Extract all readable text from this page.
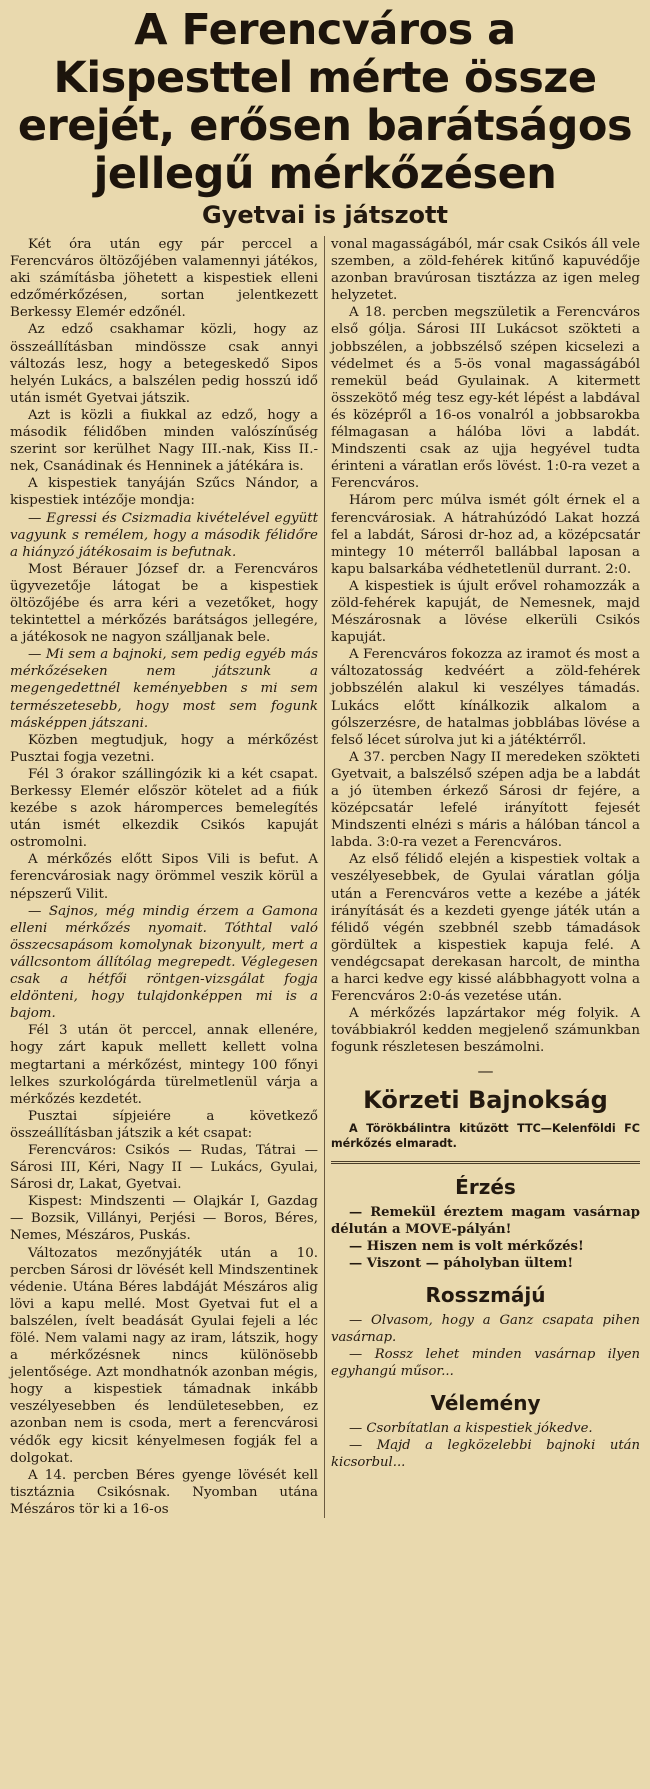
A Ferencváros a Kispesttel mérte össze erejét, erősen barátságos jellegű mérkőzésen
Gyetvai is játszott

Két óra után egy pár perccel a Ferencváros öltözőjében valamennyi játékos, aki számításba jöhetett a kispestiek elleni edzőmérkőzésen, sortan jelentkezett Berkessy Elemér edzőnél.

Az edző csakhamar közli, hogy az összeállításban mindössze csak annyi változás lesz, hogy a betegeskedő Sipos helyén Lukács, a balszélen pedig hosszú idő után ismét Gyetvai játszik.

Azt is közli a fiukkal az edző, hogy a második félidőben minden valószínűség szerint sor kerülhet Nagy III.-nak, Kiss II.-nek, Csanádinak és Henninek a játékára is.

A kispestiek tanyáján Szűcs Nándor, a kispestiek intézője mondja:

— Egressi és Csizmadia kivételével együtt vagyunk s remélem, hogy a második félidőre a hiányzó játékosaim is befutnak.

Most Bérauer József dr. a Ferencváros ügyvezetője látogat be a kispestiek öltözőjébe és arra kéri a vezetőket, hogy tekintettel a mérkőzés barátságos jellegére, a játékosok ne nagyon szálljanak bele.

— Mi sem a bajnoki, sem pedig egyéb más mérkőzéseken nem játszunk a megengedettnél keményebben s mi sem természetesebb, hogy most sem fogunk másképpen játszani.

Közben megtudjuk, hogy a mérkőzést Pusztai fogja vezetni.

Fél 3 órakor szállingózik ki a két csapat. Berkessy Elemér először kötelet ad a fiúk kezébe s azok háromperces bemelegítés után ismét elkezdik Csikós kapuját ostromolni.

A mérkőzés előtt Sipos Vili is befut. A ferencvárosiak nagy örömmel veszik körül a népszerű Vilit.

— Sajnos, még mindig érzem a Gamona elleni mérkőzés nyomait. Tóthtal való összecsapásom komolynak bizonyult, mert a vállcsontom állítólag megrepedt. Véglegesen csak a hétfői röntgen-vizsgálat fogja eldönteni, hogy tulajdonképpen mi is a bajom.

Fél 3 után öt perccel, annak ellenére, hogy zárt kapuk mellett kellett volna megtartani a mérkőzést, mintegy 100 főnyi lelkes szurkológárda türelmetlenül várja a mérkőzés kezdetét.

Pusztai sípjeiére a következő összeállításban játszik a két csapat:

Ferencváros: Csikós — Rudas, Tátrai — Sárosi III, Kéri, Nagy II — Lukács, Gyulai, Sárosi dr, Lakat, Gyetvai.

Kispest: Mindszenti — Olajkár I, Gazdag — Bozsik, Villányi, Perjési — Boros, Béres, Nemes, Mészáros, Puskás.

Változatos mezőnyjáték után a 10. percben Sárosi dr lövését kell Mindszentinek védenie. Utána Béres labdáját Mészáros alig lövi a kapu mellé. Most Gyetvai fut el a balszélen, ívelt beadását Gyulai fejeli a léc fölé. Nem valami nagy az iram, látszik, hogy a mérkőzésnek nincs különösebb jelentősége. Azt mondhatnók azonban mégis, hogy a kispestiek támadnak inkább veszélyesebben és lendületesebben, ez azonban nem is csoda, mert a ferencvárosi védők egy kicsit kényelmesen fogják fel a dolgokat.

A 14. percben Béres gyenge lövését kell tisztáznia Csikósnak. Nyomban utána Mészáros tör ki a 16-os

vonal magasságából, már csak Csikós áll vele szemben, a zöld-fehérek kitűnő kapuvédője azonban bravúrosan tisztázza az igen meleg helyzetet.

A 18. percben megszületik a Ferencváros első gólja. Sárosi III Lukácsot szökteti a jobbszélen, a jobbszélső szépen kicselezi a védelmet és a 5-ös vonal magasságából remekül beád Gyulainak. A kitermett összekötő még tesz egy-két lépést a labdával és középről a 16-os vonalról a jobbsarokba félmagasan a hálóba lövi a labdát. Mindszenti csak az ujja hegyével tudta érinteni a váratlan erős lövést. 1:0-ra vezet a Ferencváros.

Három perc múlva ismét gólt érnek el a ferencvárosiak. A hátrahúzódó Lakat hozzá fel a labdát, Sárosi dr-hoz ad, a középcsatár mintegy 10 méterről ballábbal laposan a kapu balsarkába védhetetlenül durrant. 2:0.

A kispestiek is újult erővel rohamozzák a zöld-fehérek kapuját, de Nemesnek, majd Mészárosnak a lövése elkerüli Csikós kapuját.

A Ferencváros fokozza az iramot és most a változatosság kedvéért a zöld-fehérek jobbszélén alakul ki veszélyes támadás. Lukács előtt kínálkozik alkalom a gólszerzésre, de hatalmas jobblábas lövése a felső lécet súrolva jut ki a játéktérről.

A 37. percben Nagy II meredeken szökteti Gyetvait, a balszélső szépen adja be a labdát a jó ütemben érkező Sárosi dr fejére, a középcsatár lefelé irányított fejesét Mindszenti elnézi s máris a hálóban táncol a labda. 3:0-ra vezet a Ferencváros.

Az első félidő elején a kispestiek voltak a veszélyesebbek, de Gyulai váratlan gólja után a Ferencváros vette a kezébe a játék irányítását és a kezdeti gyenge játék után a félidő végén szebbnél szebb támadások gördültek a kispestiek kapuja felé. A vendégcsapat derekasan harcolt, de mintha a harci kedve egy kissé alábbhagyott volna a Ferencváros 2:0-ás vezetése után.

A mérkőzés lapzártakor még folyik. A továbbiakról kedden megjelenő számunkban fogunk részletesen beszámolni.

—
Körzeti Bajnokság

A Törökbálintra kitűzött TTC—Kelenföldi FC mérkőzés elmaradt.

Érzés

— Remekül éreztem magam vasárnap délután a MOVE-pályán!

— Hiszen nem is volt mérkőzés!

— Viszont — páholyban ültem!

Rosszmájú

— Olvasom, hogy a Ganz csapata pihen vasárnap.

— Rossz lehet minden vasárnap ilyen egyhangú műsor...

Vélemény

— Csorbítatlan a kispestiek jókedve.

— Majd a legközelebbi bajnoki után kicsorbul...
